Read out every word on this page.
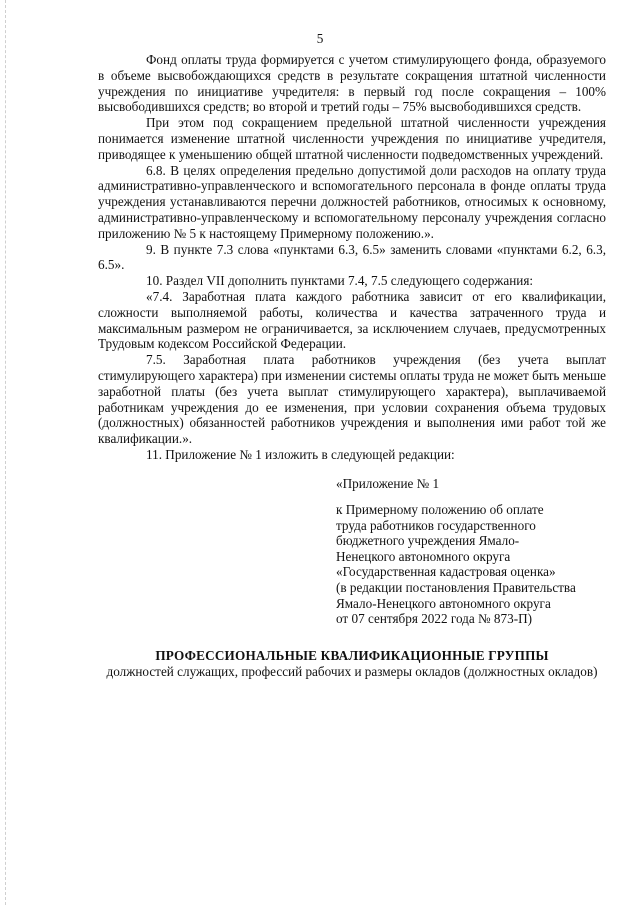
5

Фонд оплаты труда формируется с учетом стимулирующего фонда, образуемого в объеме высвобождающихся средств в результате сокращения штатной численности учреждения по инициативе учредителя: в первый год после сокращения – 100% высвободившихся средств; во второй и третий годы – 75% высвободившихся средств.

При этом под сокращением предельной штатной численности учреждения понимается изменение штатной численности учреждения по инициативе учредителя, приводящее к уменьшению общей штатной численности подведомственных учреждений.

6.8. В целях определения предельно допустимой доли расходов на оплату труда административно-управленческого и вспомогательного персонала в фонде оплаты труда учреждения устанавливаются перечни должностей работников, относимых к основному, административно-управленческому и вспомогательному персоналу учреждения согласно приложению № 5 к настоящему Примерному положению.».

9. В пункте 7.3 слова «пунктами 6.3, 6.5» заменить словами «пунктами 6.2, 6.3, 6.5».

10. Раздел VII дополнить пунктами 7.4, 7.5 следующего содержания:

«7.4. Заработная плата каждого работника зависит от его квалификации, сложности выполняемой работы, количества и качества затраченного труда и максимальным размером не ограничивается, за исключением случаев, предусмотренных Трудовым кодексом Российской Федерации.

7.5. Заработная плата работников учреждения (без учета выплат стимулирующего характера) при изменении системы оплаты труда не может быть меньше заработной платы (без учета выплат стимулирующего характера), выплачиваемой работникам учреждения до ее изменения, при условии сохранения объема трудовых (должностных) обязанностей работников учреждения и выполнения ими работ той же квалификации.».

11. Приложение № 1 изложить в следующей редакции:

«Приложение № 1
к Примерному положению об оплате
труда работников государственного
бюджетного учреждения Ямало-
Ненецкого автономного округа
«Государственная кадастровая оценка»
(в редакции постановления Правительства
Ямало-Ненецкого автономного округа
от 07 сентября 2022 года № 873-П)
ПРОФЕССИОНАЛЬНЫЕ КВАЛИФИКАЦИОННЫЕ ГРУППЫ
должностей служащих, профессий рабочих и размеры окладов (должностных окладов)
